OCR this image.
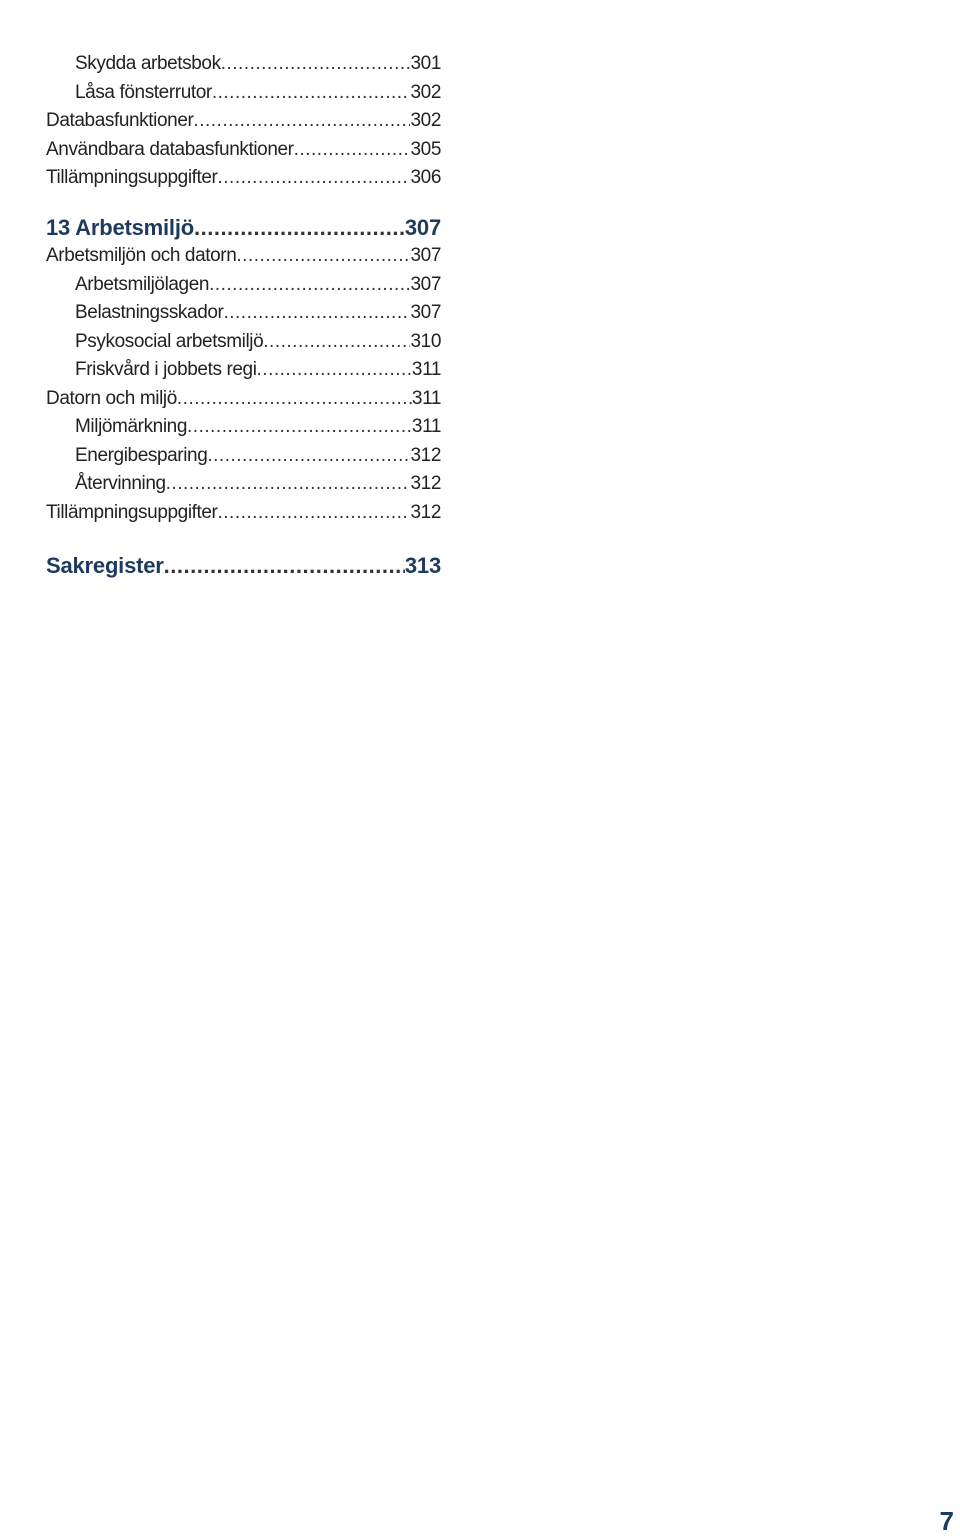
Skydda arbetsbok .....	301
Låsa fönsterrutor .....	302
Databasfunktioner .....	302
Användbara databasfunktioner .....	305
Tillämpningsuppgifter .....	306
13 Arbetsmiljö .....	307
Arbetsmiljön och datorn .....	307
Arbetsmiljölagen .....	307
Belastningsskador .....	307
Psykosocial arbetsmiljö .....	310
Friskvård i jobbets regi .....	311
Datorn och miljö .....	311
Miljömärkning .....	311
Energibesparing .....	312
Återvinning .....	312
Tillämpningsuppgifter .....	312
Sakregister .....	313
7
